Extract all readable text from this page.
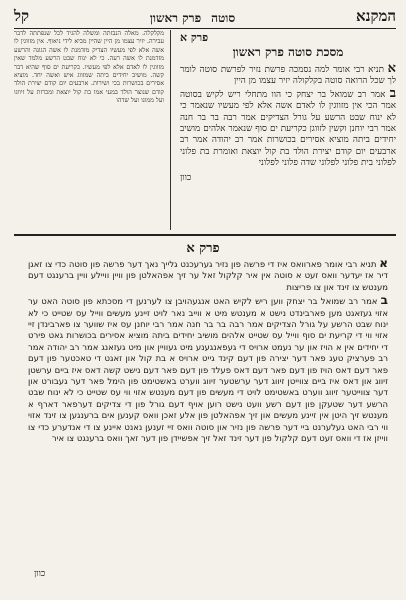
המקנא
סוטה
פרק ראשון
קל
פרק א
מסכת סוטה פרק ראשון
א תניא רבי אומר למה נסמכה פרשת נזיר לפרשת סוטה לומר לך שכל הרואה סוטה בקלקולה יזיר עצמו מן היין
ב אמר רב שמואל בר יצחק כי הוו מתחלי ריש לקיש בסוטה אמר הכי אין מזווגין לו לאדם אשה אלא לפי מעשיו שנאמר כי לא ינוח שבט הרשע על גורל הצדיקים אמר רבה בר בר חנה אמר רבי יוחנן וקשין לזווגן כקריעת ים סוף שנאמר אלהים מושיב יחידים ביתה מוציא אסירים בכושרות אמר רב יהודה אמר רב ארבעים יום קודם יצירת הולד בת קול יוצאת ואומרת בת פלוני לפלוני בית פלוני לפלוני שדה פלוני לפלוני
כוון
מקלקלה. מאלה הנבזתה ומשלה להגיד לכל שנפתתה לדבר עבירה. יזיר עצמו מן היין שהיין מביא לידי ניאוף. אין מזווגין לו אשה אלא לפי מעשיו הצדיק מזדמנת לו אשה הגונה והרשע מזדמנת לו אשה רעה. כי לא ינוח שבט הרשע מלמד שאין מזווגין לו לאדם אלא לפי מעשיו. כקריעת ים סוף שהיא דבר קשה. מושיב יחידים ביתה שמזווג איש ואשה יחד. מוציא אסירים בכושרות בכי ושירות. ארבעים יום קודם יצירת הולד קודם שנוצר הולד במעי אמו בת קול יוצאת ומכרזת על זיווגו ועל ממונו ועל שדהו
פרק א

א תניא רבי אומר פארוואס איז די פרשה פון נזיר גערעכנט גלייך נאך דער פרשה פון סוטה כדי צו זאגן דיר אז יעדער וואס זעט א סוטה אין איר קלקול זאל ער זיך אפהאלטן פון וויין וויילע וויין ברענגט דעם מענטש צו זינד און צו פריצות

ב אמר רב שמואל בר יצחק ווען ריש לקיש האט אנגעהויבן צו לערנען די מסכתא פון סוטה האט ער אזוי געזאגט מען פארבינדט נישט א מענטש מיט א ווייב נאר לויט זיינע מעשים ווייל עס שטייט כי לא ינוח שבט הרשע על גורל הצדיקים אמר רבה בר בר חנה אמר רבי יוחנן עס איז שווער צו פארבינדן זיי אזוי ווי די קריעת ים סוף ווייל עס שטייט אלהים מושיב יחידים ביתה מוציא אסירים בכושרות גאט פירט די יחידים אין א הויז און ער נעמט ארויס די געפאנגענע מיט געוויין און מיט געזאנג אמר רב יהודה אמר רב פערציק טעג פאר דער יצירה פון דעם קינד גייט ארויס א בת קול און זאגט די טאכטער פון דעם פאר דעם דאס הויז פון דעם פאר דעם דאס פעלד פון דעם פאר דעם נישט קשה דאס איז ביים ערשטן זיווג און דאס איז ביים צווייטן זיווג דער ערשטער זיווג ווערט באשטימט פון הימל פאר דער געבורט און דער צווייטער זיווג ווערט באשטימט לויט די מעשים פון דעם מענטש אזוי ווי עס שטייט כי לא ינוח שבט הרשע דער שטעקן פון דעם רשע וועט נישט רוען אויף דעם גורל פון די צדיקים דערפאר דארף א מענטש זיך היטן אין זיינע מעשים און זיך אפהאלטן פון אלע זאכן וואס קענען אים ברענגען צו זינד אזוי ווי רבי האט געלערנט ביי דער פרשה פון נזיר און סוטה וואס זיי זענען נאנט איינע צו די אנדערע כדי צו ווייזן אז די וואס זעט דעם קלקול פון דער זינד זאל זיך אפשיידן פון דער זאך וואס ברענגט צו איר

כוון
